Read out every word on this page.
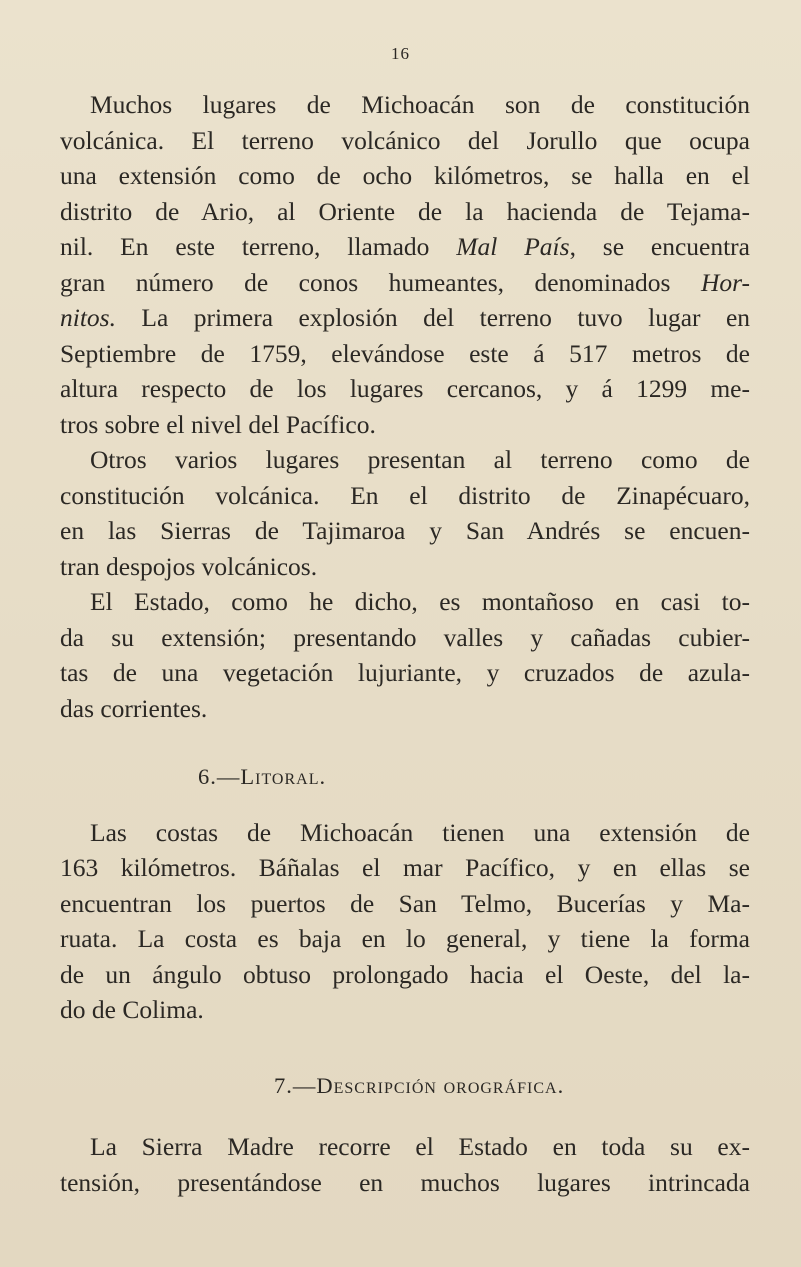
16
Muchos lugares de Michoacán son de constitución
volcánica. El terreno volcánico del Jorullo que ocupa
una extensión como de ocho kilómetros, se halla en el
distrito de Ario, al Oriente de la hacienda de Tejama-
nil. En este terreno, llamado Mal País, se encuentra
gran número de conos humeantes, denominados Hor-
nitos. La primera explosión del terreno tuvo lugar en
Septiembre de 1759, elevándose este á 517 metros de
altura respecto de los lugares cercanos, y á 1299 me-
tros sobre el nivel del Pacífico.
Otros varios lugares presentan al terreno como de
constitución volcánica. En el distrito de Zinapécuaro,
en las Sierras de Tajimaroa y San Andrés se encuen-
tran despojos volcánicos.
El Estado, como he dicho, es montañoso en casi to-
da su extensión; presentando valles y cañadas cubier-
tas de una vegetación lujuriante, y cruzados de azula-
das corrientes.
6.—Litoral.
Las costas de Michoacán tienen una extensión de
163 kilómetros. Báñalas el mar Pacífico, y en ellas se
encuentran los puertos de San Telmo, Bucerías y Ma-
ruata. La costa es baja en lo general, y tiene la forma
de un ángulo obtuso prolongado hacia el Oeste, del la-
do de Colima.
7.—Descripción orográfica.
La Sierra Madre recorre el Estado en toda su ex-
tensión, presentándose en muchos lugares intrincada
